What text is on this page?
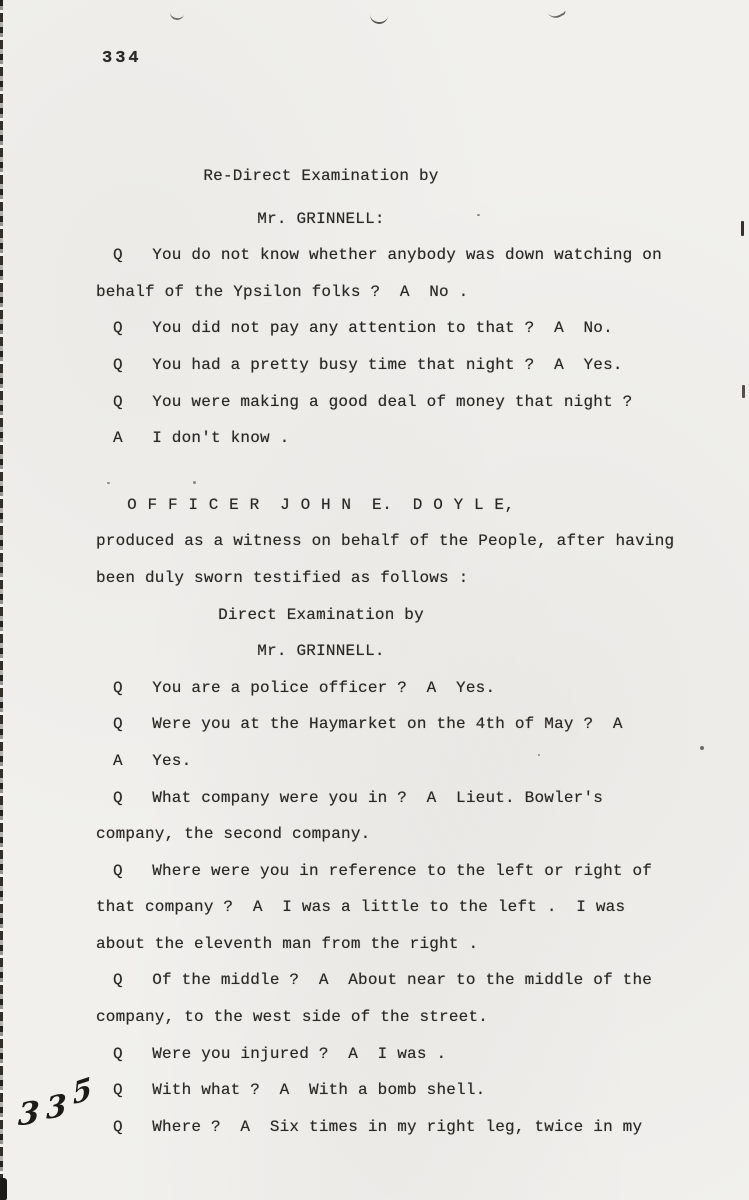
334
Re-Direct Examination by
Mr. GRINNELL:
Q   You do not know whether anybody was down watching on
behalf of the Ypsilon folks ?  A  No .
Q   You did not pay any attention to that ?  A  No.
Q   You had a pretty busy time that night ?  A  Yes.
Q   You were making a good deal of money that night ?
A   I don't know .
O F F I C E R  J O H N  E.  D O Y L E,
produced as a witness on behalf of the People, after having
been duly sworn testified as follows :
Direct Examination by
Mr. GRINNELL.
Q   You are a police officer ?  A  Yes.
Q   Were you at the Haymarket on the 4th of May ?  A
A   Yes.
Q   What company were you in ?  A  Lieut. Bowler's
company, the second company.
Q   Where were you in reference to the left or right of
that company ?  A  I was a little to the left .  I was
about the eleventh man from the right .
Q   Of the middle ?  A  About near to the middle of the
company, to the west side of the street.
Q   Were you injured ?  A  I was .
Q   With what ?  A  With a bomb shell.
Q   Where ?  A  Six times in my right leg, twice in my
3 3 5
